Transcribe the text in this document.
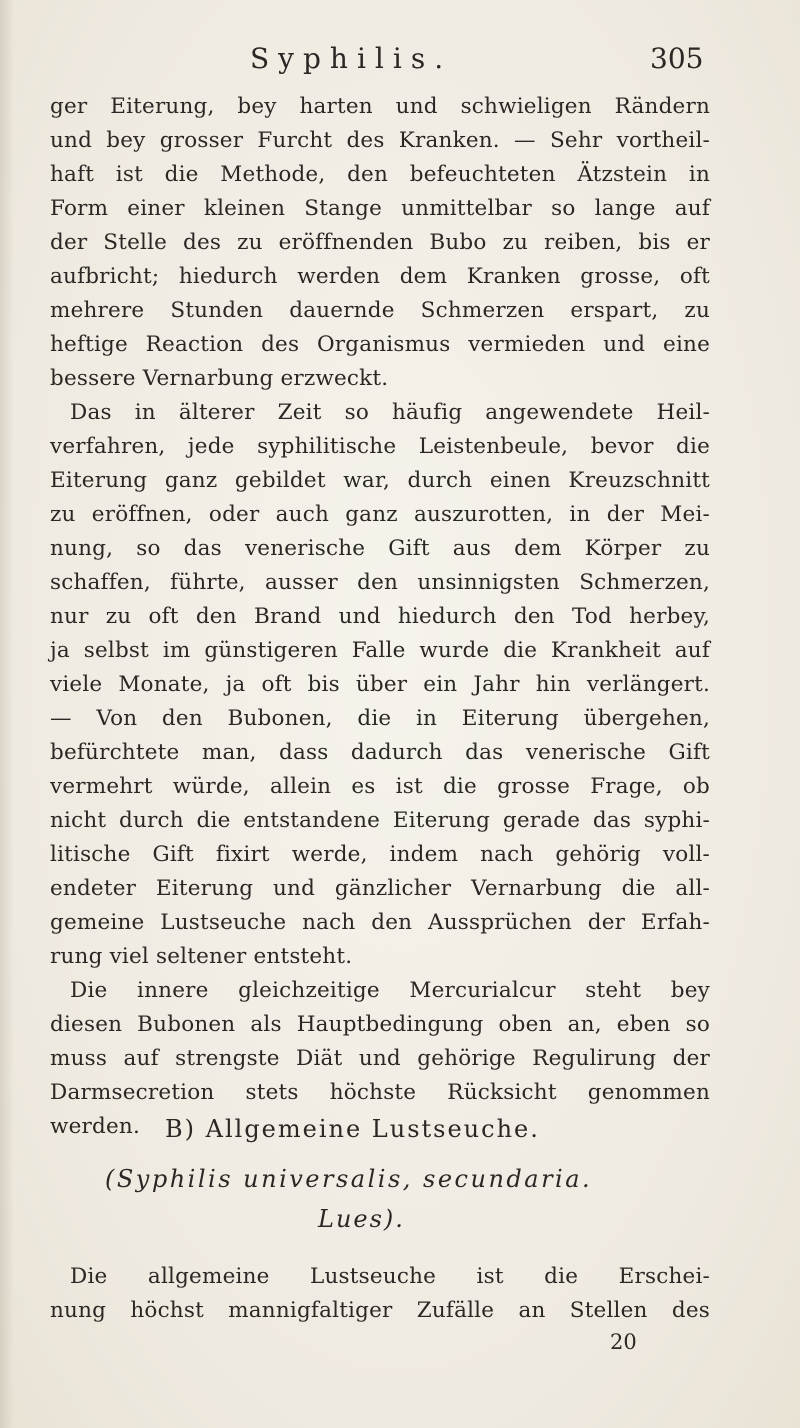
Syphilis.	305
ger Eiterung, bey harten und schwieligen Rändern
und bey grosser Furcht des Kranken. — Sehr vortheil-
haft ist die Methode, den befeuchteten Ätzstein in
Form einer kleinen Stange unmittelbar so lange auf
der Stelle des zu eröffnenden Bubo zu reiben, bis er
aufbricht; hiedurch werden dem Kranken grosse, oft
mehrere Stunden dauernde Schmerzen erspart, zu
heftige Reaction des Organismus vermieden und eine
bessere Vernarbung erzweckt.
Das in älterer Zeit so häufig angewendete Heil-
verfahren, jede syphilitische Leistenbeule, bevor die
Eiterung ganz gebildet war, durch einen Kreuzschnitt
zu eröffnen, oder auch ganz auszurotten, in der Mei-
nung, so das venerische Gift aus dem Körper zu
schaffen, führte, ausser den unsinnigsten Schmerzen,
nur zu oft den Brand und hiedurch den Tod herbey,
ja selbst im günstigeren Falle wurde die Krankheit auf
viele Monate, ja oft bis über ein Jahr hin verlängert.
— Von den Bubonen, die in Eiterung übergehen,
befürchtete man, dass dadurch das venerische Gift
vermehrt würde, allein es ist die grosse Frage, ob
nicht durch die entstandene Eiterung gerade das syphi-
litische Gift fixirt werde, indem nach gehörig voll-
endeter Eiterung und gänzlicher Vernarbung die all-
gemeine Lustseuche nach den Aussprüchen der Erfah-
rung viel seltener entsteht.
Die innere gleichzeitige Mercurialcur steht bey
diesen Bubonen als Hauptbedingung oben an, eben so
muss auf strengste Diät und gehörige Regulirung der
Darmsecretion stets höchste Rücksicht genommen
werden.	B) Allgemeine Lustseuche.
(Syphilis universalis, secundaria.
Lues).
Die allgemeine Lustseuche ist die Erschei-
nung höchst mannigfaltiger Zufälle an Stellen des
20
